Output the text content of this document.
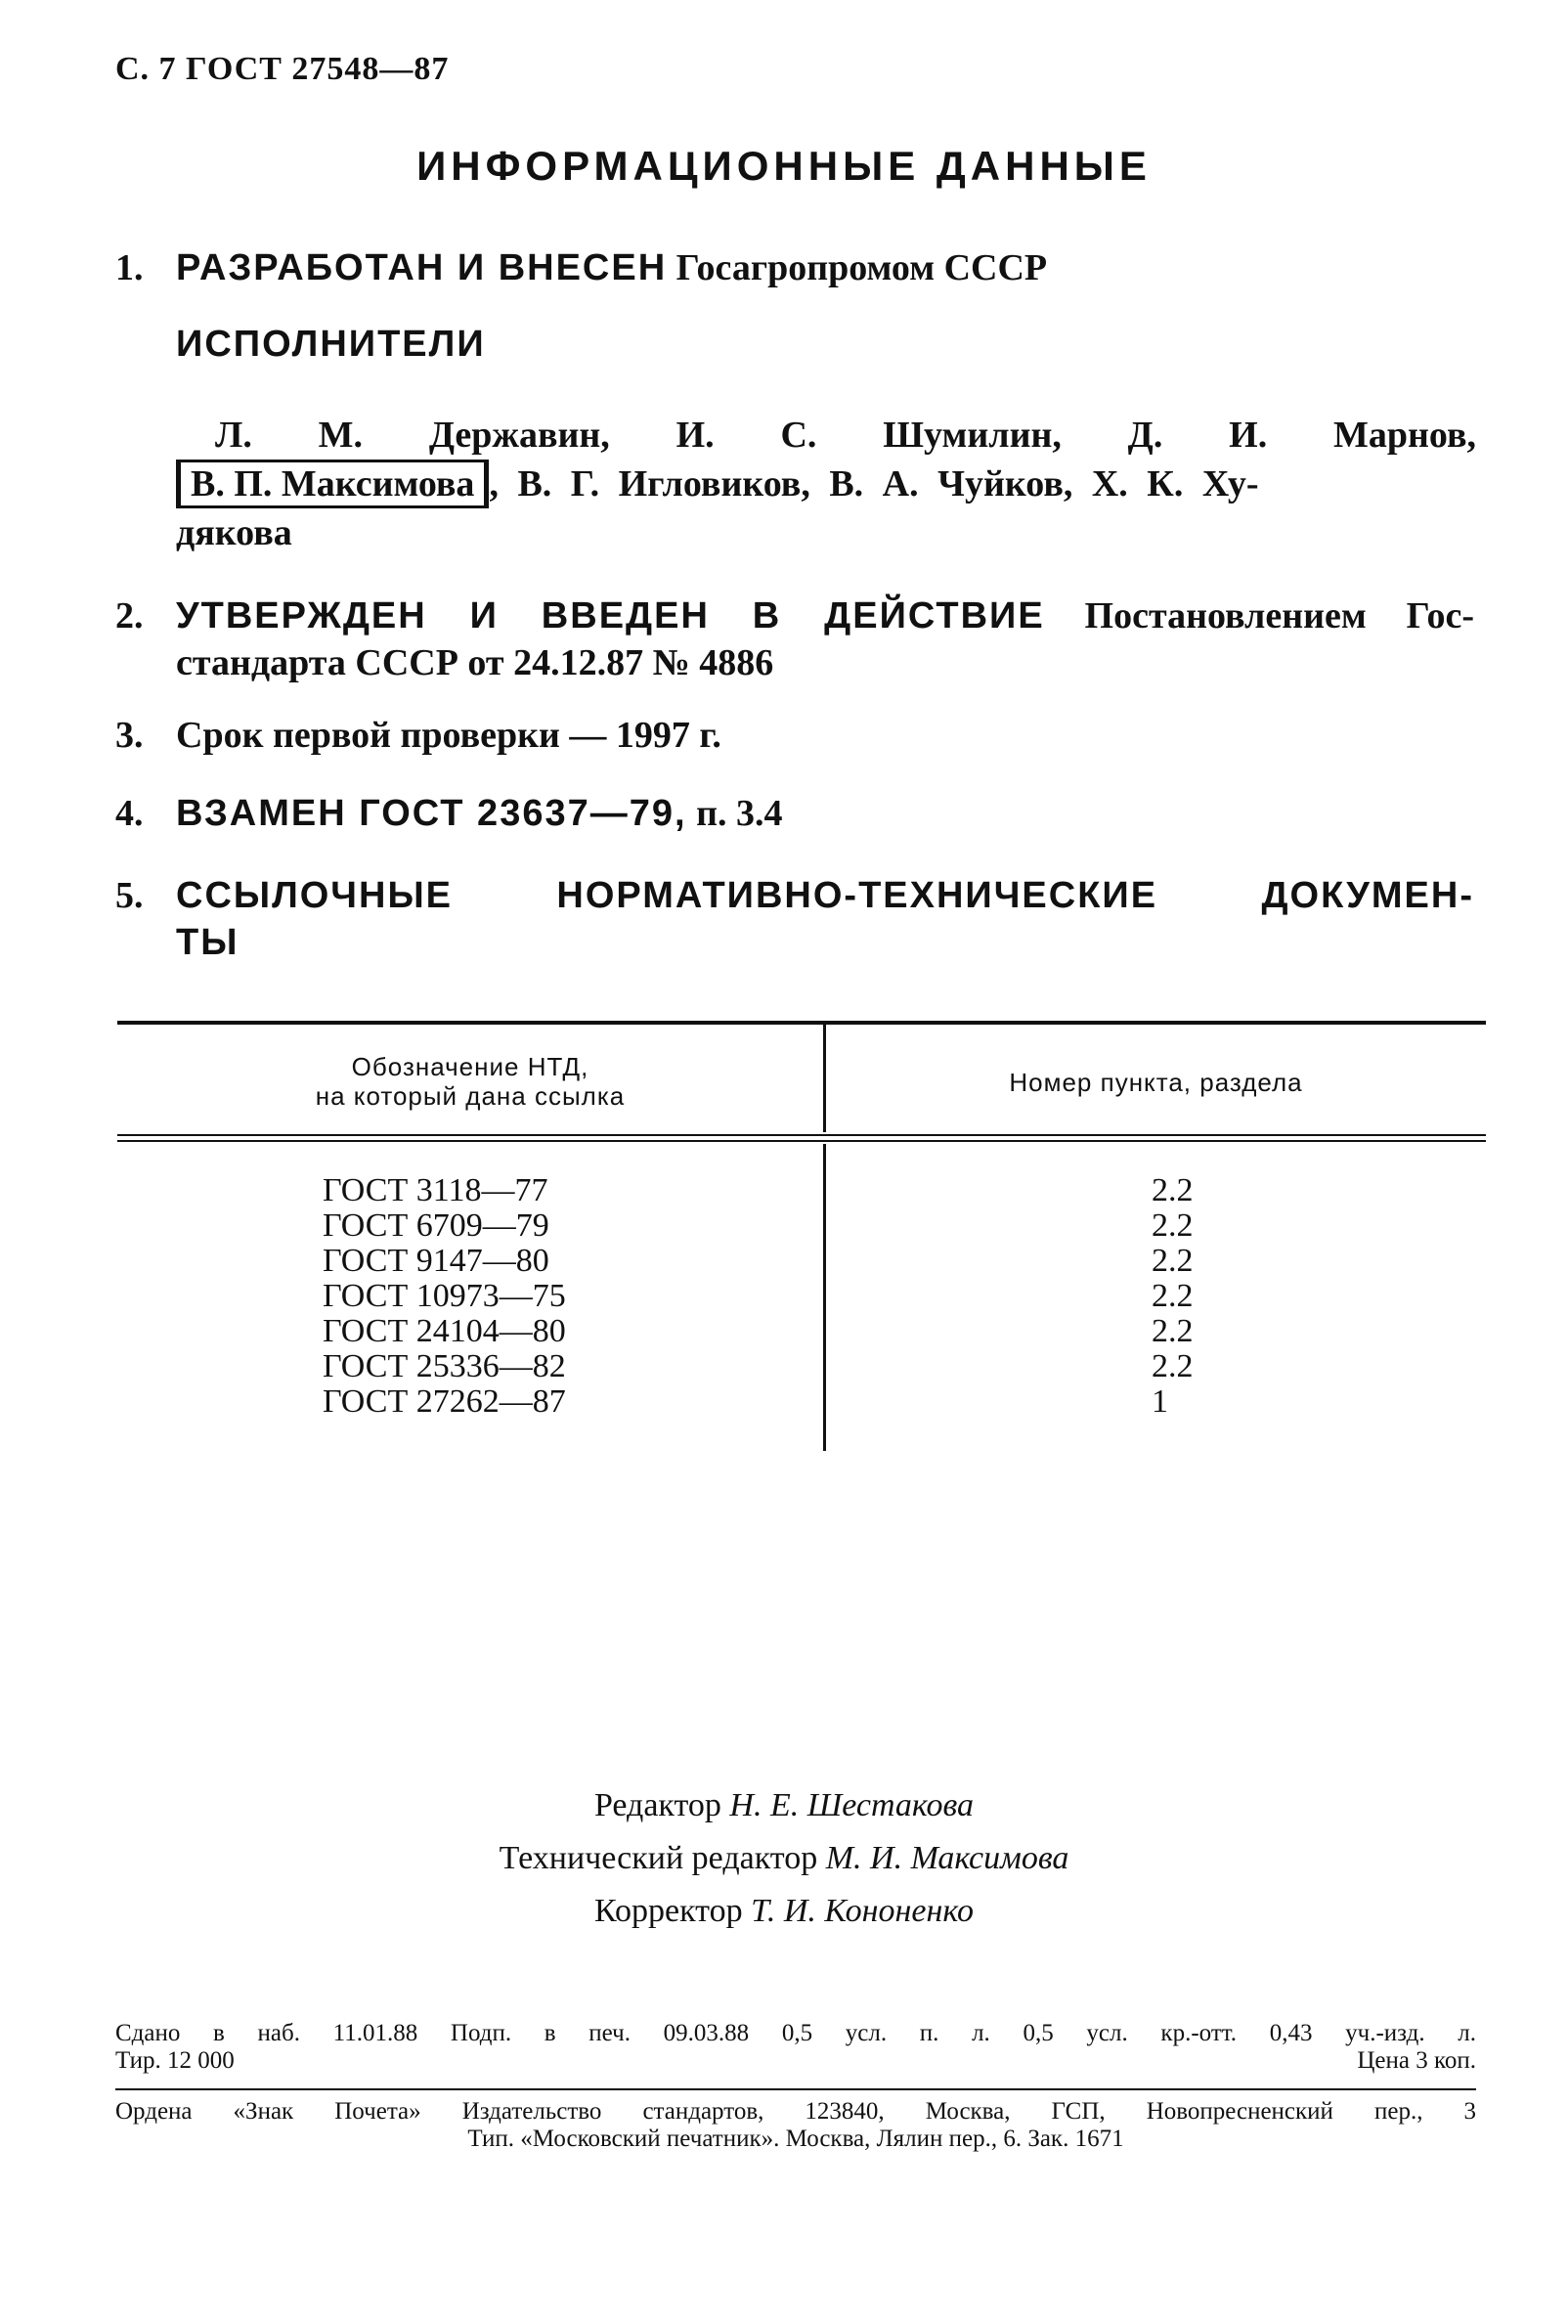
С. 7 ГОСТ 27548—87
ИНФОРМАЦИОННЫЕ ДАННЫЕ
1. РАЗРАБОТАН И ВНЕСЕН Госагропромом СССР
ИСПОЛНИТЕЛИ
Л. М. Державин, И. С. Шумилин, Д. И. Марнов,
В. П. Максимова , В. Г. Игловиков, В. А. Чуйков, Х. К. Ху-
дякова
2. УТВЕРЖДЕН И ВВЕДЕН В ДЕЙСТВИЕ Постановлением Гос-
стандарта СССР от 24.12.87 № 4886
3. Срок первой проверки — 1997 г.
4. ВЗАМЕН ГОСТ 23637—79, п. 3.4
5. ССЫЛОЧНЫЕ НОРМАТИВНО-ТЕХНИЧЕСКИЕ ДОКУМЕН-
ТЫ
Обозначение НТД,
на который дана ссылка	Номер пункта, раздела
ГОСТ 3118—77
ГОСТ 6709—79
ГОСТ 9147—80
ГОСТ 10973—75
ГОСТ 24104—80
ГОСТ 25336—82
ГОСТ 27262—87
2.2
2.2
2.2
2.2
2.2
2.2
1
Редактор Н. Е. Шестакова
Технический редактор М. И. Максимова
Корректор Т. И. Кононенко
Сдано в наб. 11.01.88 Подп. в печ. 09.03.88 0,5 усл. п. л. 0,5 усл. кр.-отт. 0,43 уч.-изд. л.
Тир. 12 000	Цена 3 коп.
Ордена «Знак Почета» Издательство стандартов, 123840, Москва, ГСП, Новопресненский пер., 3
Тип. «Московский печатник». Москва, Лялин пер., 6. Зак. 1671
